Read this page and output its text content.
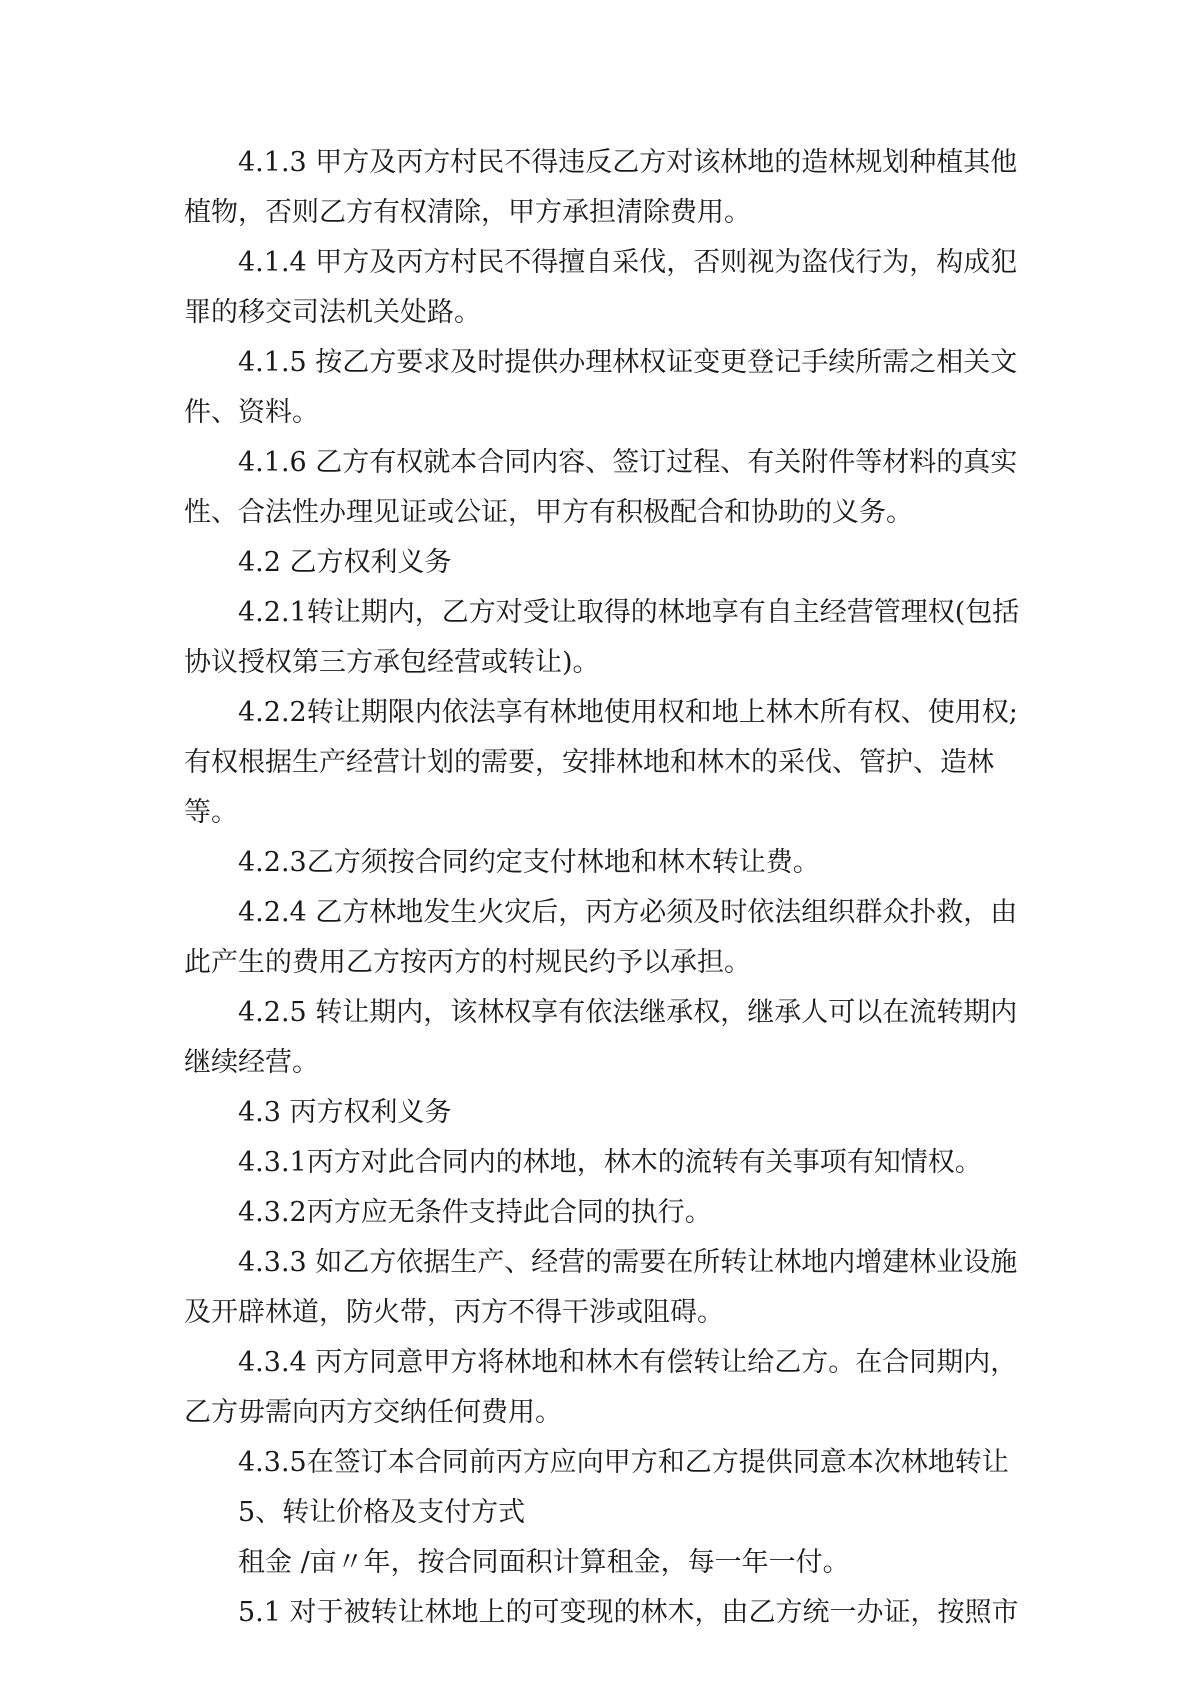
4.1.3 甲方及丙方村民不得违反乙方对该林地的造林规划种植其他
植物，否则乙方有权清除，甲方承担清除费用。
4.1.4 甲方及丙方村民不得擅自采伐，否则视为盗伐行为，构成犯
罪的移交司法机关处路。
4.1.5 按乙方要求及时提供办理林权证变更登记手续所需之相关文
件、资料。
4.1.6 乙方有权就本合同内容、签订过程、有关附件等材料的真实
性、合法性办理见证或公证，甲方有积极配合和协助的义务。
4.2 乙方权利义务
4.2.1转让期内，乙方对受让取得的林地享有自主经营管理权(包括
协议授权第三方承包经营或转让)。
4.2.2转让期限内依法享有林地使用权和地上林木所有权、使用权;
有权根据生产经营计划的需要，安排林地和林木的采伐、管护、造林
等。
4.2.3乙方须按合同约定支付林地和林木转让费。
4.2.4 乙方林地发生火灾后，丙方必须及时依法组织群众扑救，由
此产生的费用乙方按丙方的村规民约予以承担。
4.2.5 转让期内，该林权享有依法继承权，继承人可以在流转期内
继续经营。
4.3 丙方权利义务
4.3.1丙方对此合同内的林地，林木的流转有关事项有知情权。
4.3.2丙方应无条件支持此合同的执行。
4.3.3 如乙方依据生产、经营的需要在所转让林地内增建林业设施
及开辟林道，防火带，丙方不得干涉或阻碍。
4.3.4 丙方同意甲方将林地和林木有偿转让给乙方。在合同期内，
乙方毋需向丙方交纳任何费用。
4.3.5在签订本合同前丙方应向甲方和乙方提供同意本次林地转让
5、转让价格及支付方式
租金 /亩〃年，按合同面积计算租金，每一年一付。
5.1 对于被转让林地上的可变现的林木，由乙方统一办证，按照市
